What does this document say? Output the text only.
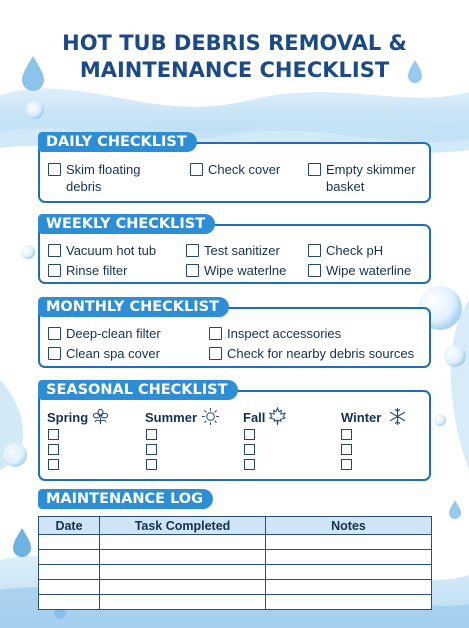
HOT TUB DEBRIS REMOVAL &
MAINTENANCE CHECKLIST
DAILY CHECKLIST
Skim floating
debris
Check cover	Empty skimmer
basket
WEEKLY CHECKLIST
Vacuum hot tub	Test sanitizer	Check pH
Rinse filter	Wipe waterlne	Wipe waterline
MONTHLY CHECKLIST
Deep-clean filter	Inspect accessories
Clean spa cover	Check for nearby debris sources
SEASONAL CHECKLIST
Spring	Summer	Fall	Winter
MAINTENANCE LOG
Date	Task Completed	Notes
